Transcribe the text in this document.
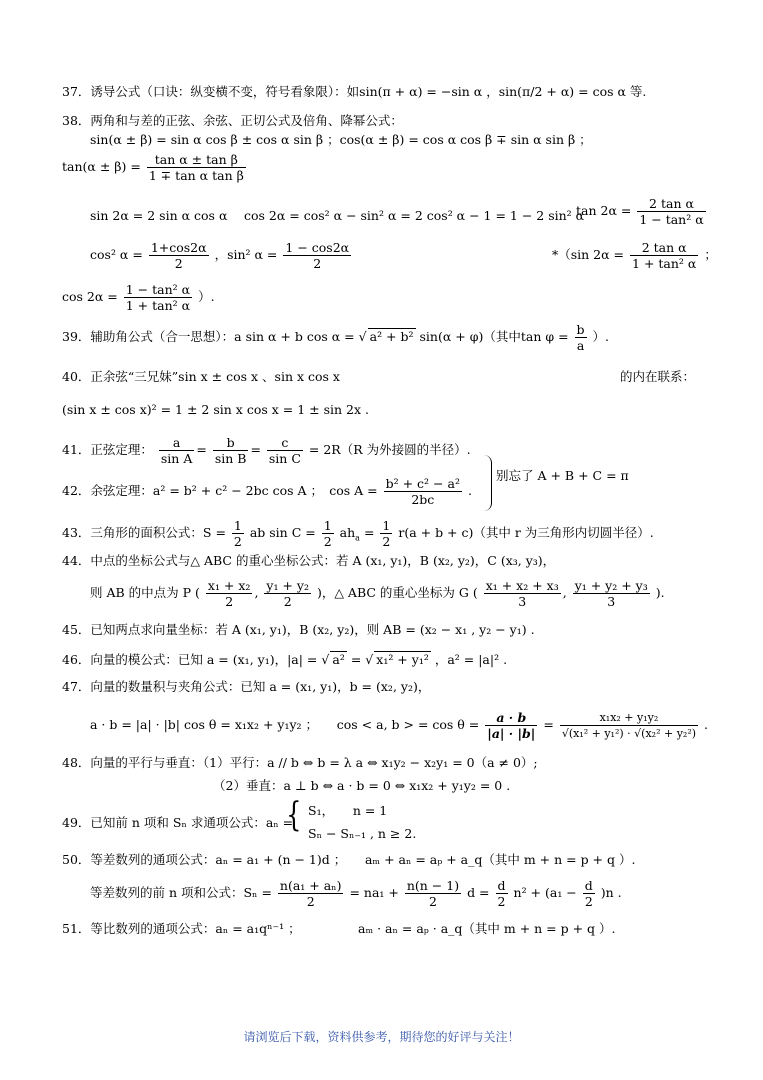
37．诱导公式（口诀：纵变横不变，符号看象限）：如sin(π + α) = −sin α ，sin(π/2 + α) = cos α 等.
38．两角和与差的正弦、余弦、正切公式及倍角、降幂公式：
sin(α ± β) = sin α cos β ± cos α sin β ；cos(α ± β) = cos α cos β ∓ sin α sin β ；
$\tan(\alpha \pm \beta) = \frac{\text{tan α ± tan β}}{\text{1 ∓ tan α tan β}}$
sin 2α = 2 sin α cos α cos 2α = cos² α − sin² α = 2 cos² α − 1 = 1 − 2 sin² α
$\tan 2\alpha = \frac{\text{2 tan α}}{\text{1 − tan² α}}$
cos² $\alpha = \frac{1+\cos 2\alpha}{2}$ ，sin² $\alpha = \frac{1 - \cos 2\alpha}{2}$	*（sin $2\alpha = \frac{\text{2 tan α}}{\text{1 + tan² α}}$ ；
$\cos 2\alpha = \frac{\text{1 − tan² α}}{\text{1 + tan² α}}$ ）.
39．辅助角公式（合一思想）：a sin α + b cos α = √ a² + b² sin(α + φ)（其中$\tan \varphi = \frac{b}{a}$ ）.
40．正余弦“三兄妹”sin x ± cos x 、sin x cos x	的内在联系：
(sin x ± cos x)² = 1 ± 2 sin x cos x = 1 ± sin 2x .
41．正弦定理： $\frac{a}{\text{sin A}} = \frac{b}{\text{sin B}} = \frac{c}{\text{sin C}} = 2R(R$ 为外接圆的半径）.
42．余弦定理：a² = b² + c² − 2bc cos A ；　$\cos A = \frac{\text{b² + c² − a²}}{2bc}$ .
别忘了 A + B + C = π
43．三角形的面积公式：$S = \frac{1}{2}$ ab $\sin C = \frac{1}{2} ah_a = \frac{1}{2} r(a + b + c)$（其中 r 为三角形内切圆半径）.
44．中点的坐标公式与△ ABC 的重心坐标公式：若 A (x₁, y₁)，B (x₂, y₂)，C (x₃, y₃)，
则 AB 的中点为 P ( $\frac{\text{x₁ + x₂}}{2}$ , $\frac{\text{y₁ + y₂}}{2}$ )，△ ABC 的重心坐标为 G ( $\frac{\text{x₁ + x₂ + x₃}}{3}$ , $\frac{\text{y₁ + y₂ + y₃}}{3}$ ).
45．已知两点求向量坐标：若 A (x₁, y₁)，B (x₂, y₂)，则 AB = (x₂ − x₁ , y₂ − y₁) .
46．向量的模公式：已知 a = (x₁, y₁)，|a| = √ a² = √ x₁² + y₁² ，a² = |a|² .
47．向量的数量积与夹角公式：已知 a = (x₁, y₁)，b = (x₂, y₂)，
a · b = |a| · |b| cos θ = x₁x₂ + y₁y₂ ；　　cos < a, b > = $\cos \theta = \frac{a \cdot b}{|a| \cdot |b|} = \frac{\text{x₁x₂ + y₁y₂}}{\text{√(x₁² + y₁²) · √(x₂² + y₂²)}}$ .
48．向量的平行与垂直：（1）平行：a // b ⇔ b = λ a ⇔ x₁y₂ − x₂y₁ = 0（a ≠ 0）;
（2）垂直：a ⊥ b ⇔ a · b = 0 ⇔ x₁x₂ + y₁y₂ = 0 .
49．已知前 n 项和 Sₙ 求通项公式：aₙ =
{ S₁，　　n = 1
Sₙ − Sₙ₋₁ , n ≥ 2.
50．等差数列的通项公式：aₙ = a₁ + (n − 1)d ；　　aₘ + aₙ = aₚ + a_q（其中 m + n = p + q ）.
等差数列的前 n 项和公式：$S_n = \frac{\text{n(a₁ + aₙ)}}{2} = na_1 + \frac{n(n - 1)}{2}$ $d = \frac{d}{2} n^2 + (a_1 - \frac{d}{2} )n$ .
51．等比数列的通项公式：aₙ = a₁qⁿ⁻¹ ；	aₘ · aₙ = aₚ · a_q（其中 m + n = p + q ）.
请浏览后下载，资料供参考，期待您的好评与关注！
